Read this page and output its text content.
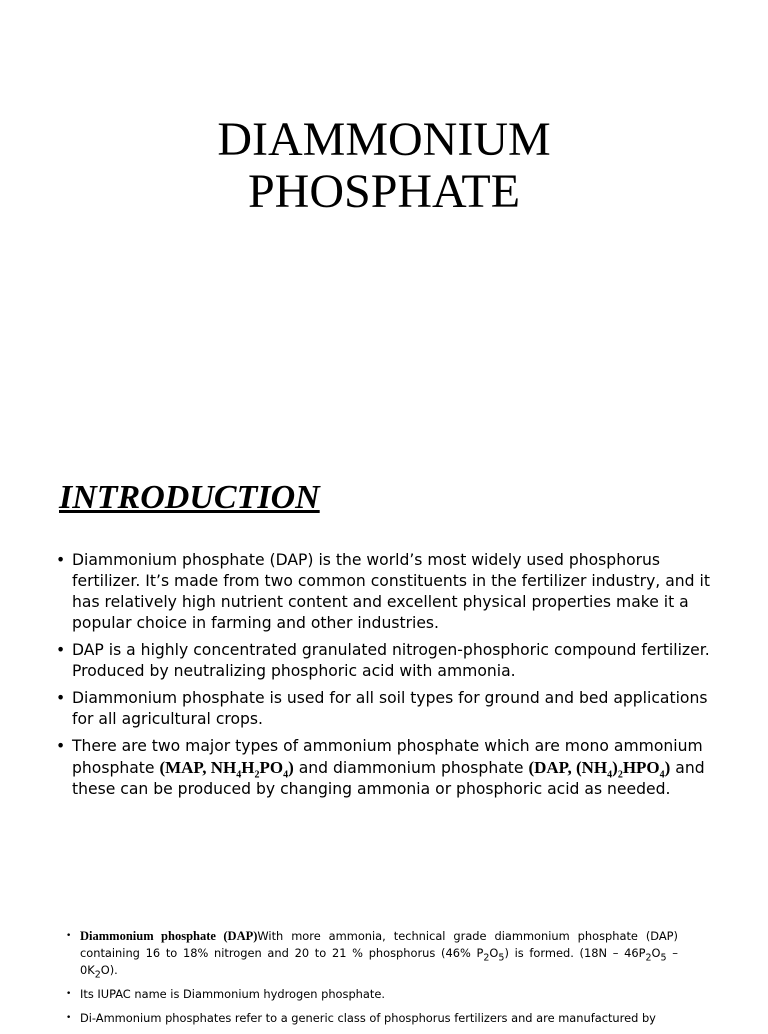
DIAMMONIUM
PHOSPHATE
INTRODUCTION
• Diammonium phosphate (DAP) is the world’s most widely used phosphorus fertilizer. It’s made from two common constituents in the fertilizer industry, and it has relatively high nutrient content and excellent physical properties make it a popular choice in farming and other industries.
• DAP is a highly concentrated granulated nitrogen-phosphoric compound fertilizer. Produced by neutralizing phosphoric acid with ammonia.
• Diammonium phosphate is used for all soil types for ground and bed applications for all agricultural crops.
• There are two major types of ammonium phosphate which are mono ammonium phosphate (MAP, $NH_4H_2PO_4$) and diammonium phosphate (DAP, $(NH_4)_2HPO_4$) and these can be produced by changing ammonia or phosphoric acid as needed.
• Diammonium phosphate (DAP)With more ammonia, technical grade diammonium phosphate (DAP) containing 16 to 18% nitrogen and 20 to 21 % phosphorus (46% $P_2O_5$) is formed. $(18N - 46P_2O_5 - 0K_2O)$.
• Its IUPAC name is Diammonium hydrogen phosphate.
• Di-Ammonium phosphates refer to a generic class of phosphorus fertilizers and are manufactured by
